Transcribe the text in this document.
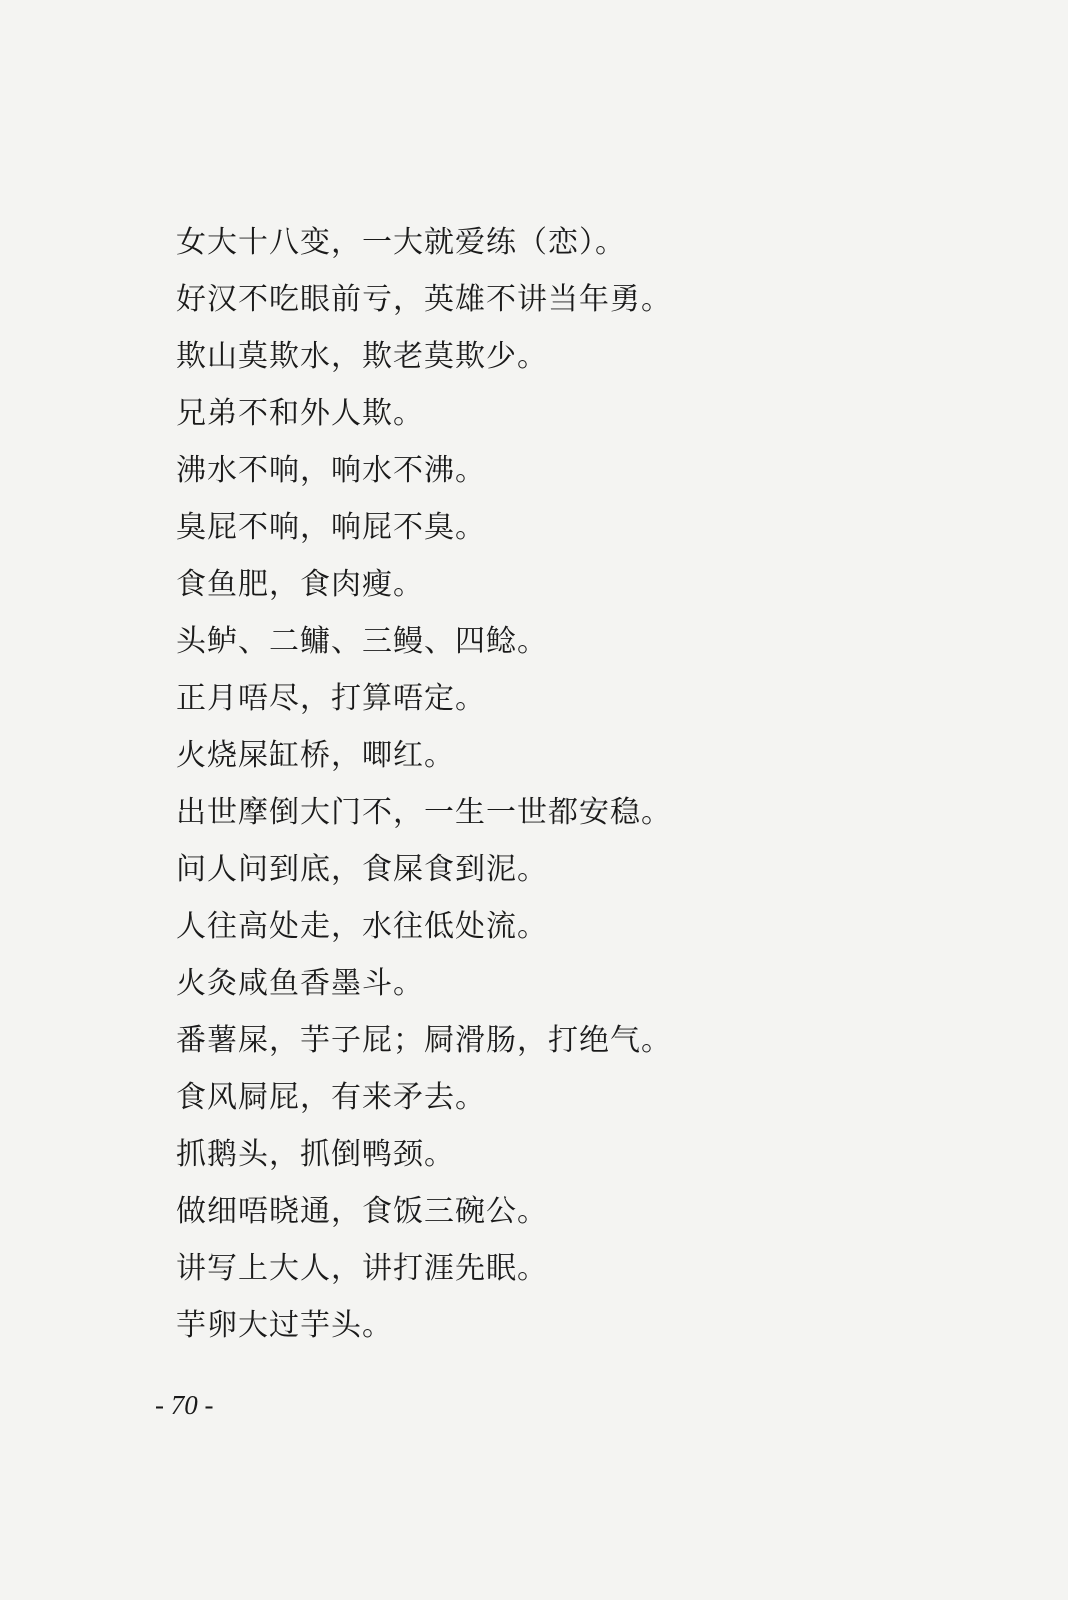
女大十八变，一大就爱练（恋）。
好汉不吃眼前亏，英雄不讲当年勇。
欺山莫欺水，欺老莫欺少。
兄弟不和外人欺。
沸水不响，响水不沸。
臭屁不响，响屁不臭。
食鱼肥，食肉瘦。
头鲈、二鳙、三鳗、四鲶。
正月唔尽，打算唔定。
火烧屎缸桥，唧红。
出世摩倒大门不，一生一世都安稳。
问人问到底，食屎食到泥。
人往高处走，水往低处流。
火灸咸鱼香墨斗。
番薯屎，芋子屁；屙滑肠，打绝气。
食风屙屁，有来矛去。
抓鹅头，抓倒鸭颈。
做细唔晓通，食饭三碗公。
讲写上大人，讲打涯先眠。
芋卵大过芋头。
- 70 -
